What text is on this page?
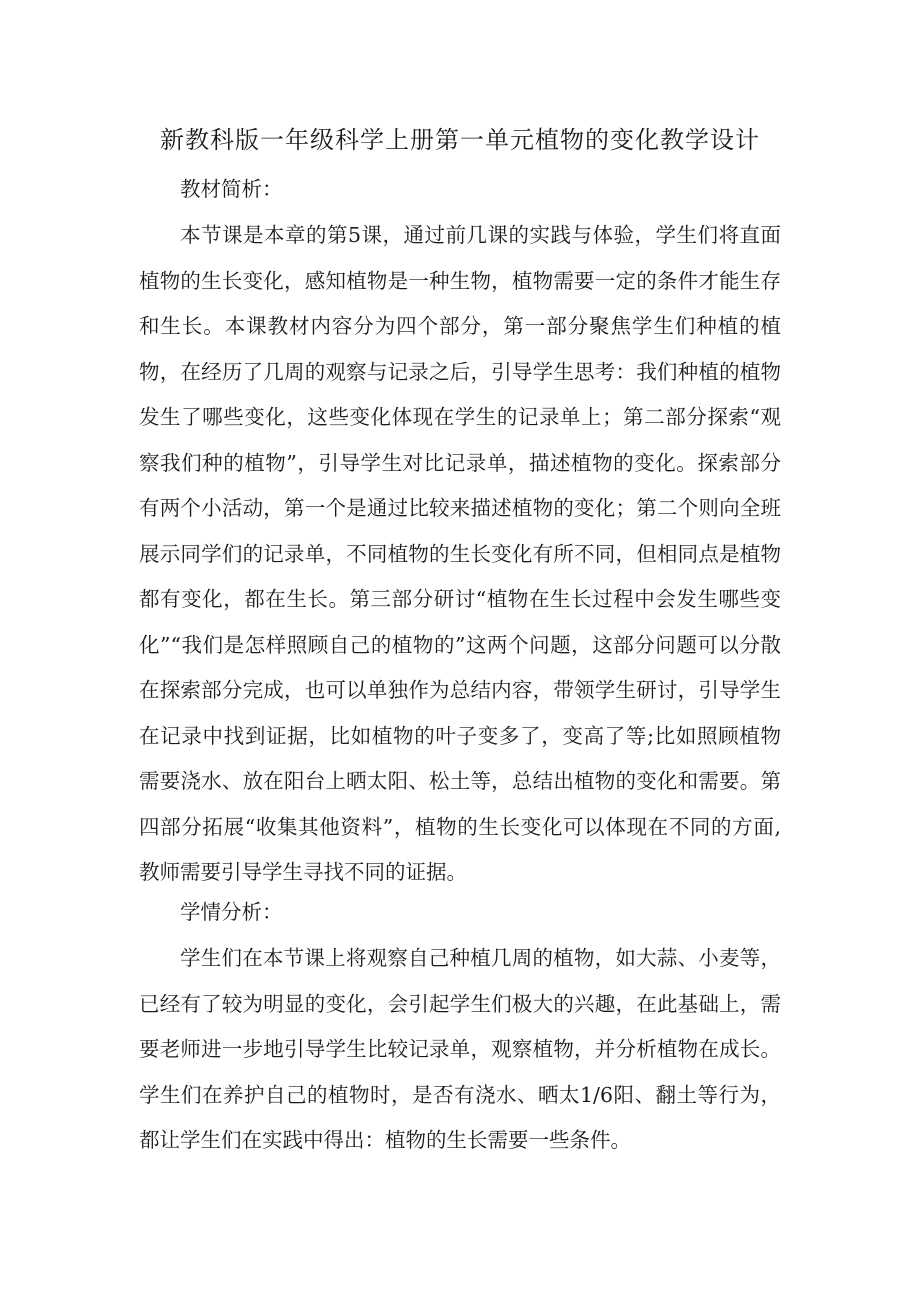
新教科版一年级科学上册第一单元植物的变化教学设计

教材简析：

本节课是本章的第5课，通过前几课的实践与体验，学生们将直面植物的生长变化，感知植物是一种生物，植物需要一定的条件才能生存和生长。本课教材内容分为四个部分，第一部分聚焦学生们种植的植物，在经历了几周的观察与记录之后，引导学生思考：我们种植的植物发生了哪些变化，这些变化体现在学生的记录单上；第二部分探索“观察我们种的植物”，引导学生对比记录单，描述植物的变化。探索部分有两个小活动，第一个是通过比较来描述植物的变化；第二个则向全班展示同学们的记录单，不同植物的生长变化有所不同，但相同点是植物都有变化，都在生长。第三部分研讨“植物在生长过程中会发生哪些变化”“我们是怎样照顾自己的植物的”这两个问题，这部分问题可以分散在探索部分完成，也可以单独作为总结内容，带领学生研讨，引导学生在记录中找到证据，比如植物的叶子变多了，变高了等;比如照顾植物需要浇水、放在阳台上晒太阳、松土等，总结出植物的变化和需要。第四部分拓展“收集其他资料”，植物的生长变化可以体现在不同的方面,教师需要引导学生寻找不同的证据。

学情分析：

学生们在本节课上将观察自己种植几周的植物，如大蒜、小麦等，已经有了较为明显的变化，会引起学生们极大的兴趣，在此基础上，需要老师进一步地引导学生比较记录单，观察植物，并分析植物在成长。学生们在养护自己的植物时，是否有浇水、晒太1/6阳、翻土等行为，都让学生们在实践中得出：植物的生长需要一些条件。
